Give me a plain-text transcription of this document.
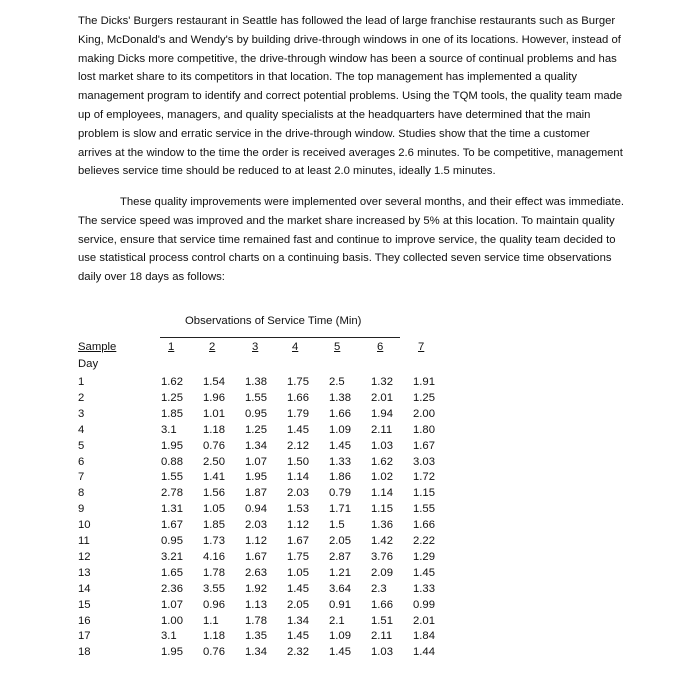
The Dicks' Burgers restaurant in Seattle has followed the lead of large franchise restaurants such as Burger King, McDonald's and Wendy's by building drive-through windows in one of its locations. However, instead of making Dicks more competitive, the drive-through window has been a source of continual problems and has lost market share to its competitors in that location. The top management has implemented a quality management program to identify and correct potential problems. Using the TQM tools, the quality team made up of employees, managers, and quality specialists at the headquarters have determined that the main problem is slow and erratic service in the drive-through window. Studies show that the time a customer arrives at the window to the time the order is received averages 2.6 minutes. To be competitive, management believes service time should be reduced to at least 2.0 minutes, ideally 1.5 minutes.

These quality improvements were implemented over several months, and their effect was immediate. The service speed was improved and the market share increased by 5% at this location. To maintain quality service, ensure that service time remained fast and continue to improve service, the quality team decided to use statistical process control charts on a continuing basis. They collected seven service time observations daily over 18 days as follows:

Observations of Service Time (Min)
Sample
Day
1	2	3	4	5	6	7
1	1.62 1.54 1.38 1.75 2.5 1.32 1.91
2	1.25 1.96 1.55 1.66 1.38 2.01 1.25
3	1.85 1.01 0.95 1.79 1.66 1.94 2.00
4	3.1 1.18 1.25 1.45 1.09 2.11 1.80
5	1.95 0.76 1.34 2.12 1.45 1.03 1.67
6	0.88 2.50 1.07 1.50 1.33 1.62 3.03
7	1.55 1.41 1.95 1.14 1.86 1.02 1.72
8	2.78 1.56 1.87 2.03 0.79 1.14 1.15
9	1.31 1.05 0.94 1.53 1.71 1.15 1.55
10	1.67 1.85 2.03 1.12 1.5 1.36 1.66
11	0.95 1.73 1.12 1.67 2.05 1.42 2.22
12	3.21 4.16 1.67 1.75 2.87 3.76 1.29
13	1.65 1.78 2.63 1.05 1.21 2.09 1.45
14	2.36 3.55 1.92 1.45 3.64 2.3 1.33
15	1.07 0.96 1.13 2.05 0.91 1.66 0.99
16	1.00 1.1 1.78 1.34 2.1 1.51 2.01
17	3.1 1.18 1.35 1.45 1.09 2.11 1.84
18	1.95 0.76 1.34 2.32 1.45 1.03 1.44
